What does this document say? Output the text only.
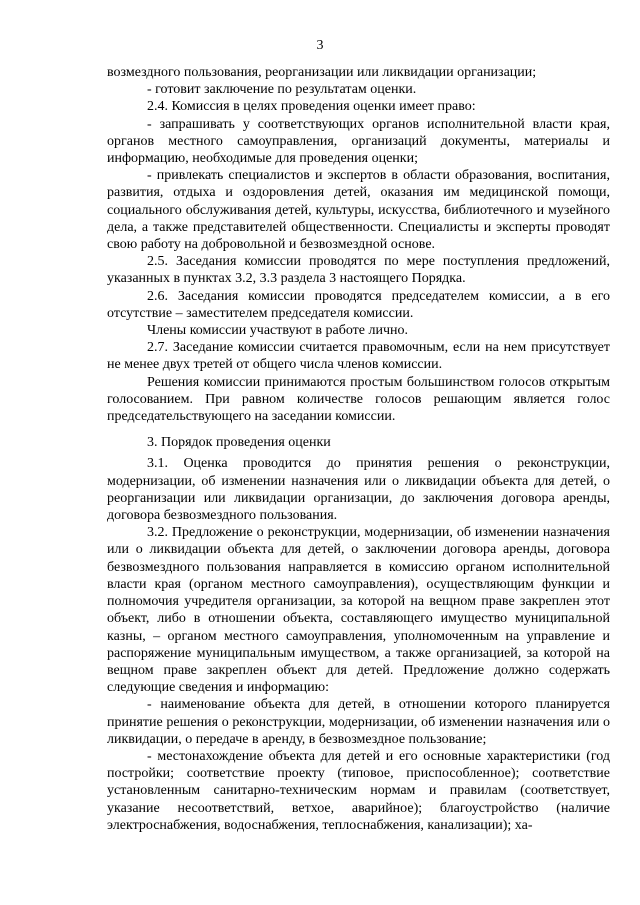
3

возмездного пользования, реорганизации или ликвидации организации;

- готовит заключение по результатам оценки.

2.4. Комиссия в целях проведения оценки имеет право:

- запрашивать у соответствующих органов исполнительной власти края, органов местного самоуправления, организаций документы, материалы и информацию, необходимые для проведения оценки;

- привлекать специалистов и экспертов в области образования, воспитания, развития, отдыха и оздоровления детей, оказания им медицинской помощи, социального обслуживания детей, культуры, искусства, библиотечного и музейного дела, а также представителей общественности. Специалисты и эксперты проводят свою работу на добровольной и безвозмездной основе.

2.5. Заседания комиссии проводятся по мере поступления предложений, указанных в пунктах 3.2, 3.3 раздела 3 настоящего Порядка.

2.6. Заседания комиссии проводятся председателем комиссии, а в его отсутствие – заместителем председателя комиссии.

Члены комиссии участвуют в работе лично.

2.7. Заседание комиссии считается правомочным, если на нем присутствует не менее двух третей от общего числа членов комиссии.

Решения комиссии принимаются простым большинством голосов открытым голосованием. При равном количестве голосов решающим является голос председательствующего на заседании комиссии.

3. Порядок проведения оценки

3.1. Оценка проводится до принятия решения о реконструкции, модернизации, об изменении назначения или о ликвидации объекта для детей, о реорганизации или ликвидации организации, до заключения договора аренды, договора безвозмездного пользования.

3.2. Предложение о реконструкции, модернизации, об изменении назначения или о ликвидации объекта для детей, о заключении договора аренды, договора безвозмездного пользования направляется в комиссию органом исполнительной власти края (органом местного самоуправления), осуществляющим функции и полномочия учредителя организации, за которой на вещном праве закреплен этот объект, либо в отношении объекта, составляющего имущество муниципальной казны, – органом местного самоуправления, уполномоченным на управление и распоряжение муниципальным имуществом, а также организацией, за которой на вещном праве закреплен объект для детей. Предложение должно содержать следующие сведения и информацию:

- наименование объекта для детей, в отношении которого планируется принятие решения о реконструкции, модернизации, об изменении назначения или о ликвидации, о передаче в аренду, в безвозмездное пользование;

- местонахождение объекта для детей и его основные характеристики (год постройки; соответствие проекту (типовое, приспособленное); соответствие установленным санитарно-техническим нормам и правилам (соответствует, указание несоответствий, ветхое, аварийное); благоустройство (наличие электроснабжения, водоснабжения, теплоснабжения, канализации); ха-
